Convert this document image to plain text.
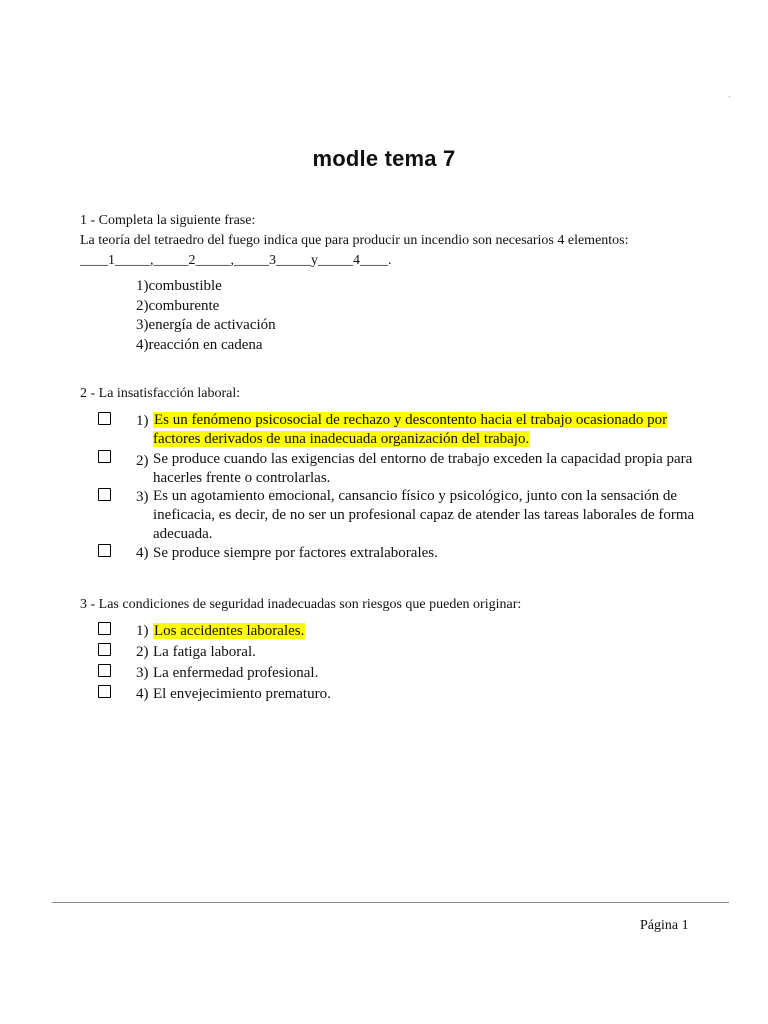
modle tema 7
1 - Completa la siguiente frase:
La teoría del tetraedro del fuego indica que para producir un incendio son necesarios 4 elementos:
____1_____,_____2_____,_____3_____y_____4____.
1)combustible
2)comburente
3)energía de activación
4)reacción en cadena
2 - La insatisfacción laboral:
1) Es un fenómeno psicosocial de rechazo y descontento hacia el trabajo ocasionado por factores derivados de una inadecuada organización del trabajo.
2) Se produce cuando las exigencias del entorno de trabajo exceden la capacidad propia para hacerles frente o controlarlas.
3) Es un agotamiento emocional, cansancio físico y psicológico, junto con la sensación de ineficacia, es decir, de no ser un profesional capaz de atender las tareas laborales de forma adecuada.
4) Se produce siempre por factores extralaborales.
3 - Las condiciones de seguridad inadecuadas son riesgos que pueden originar:
1) Los accidentes laborales.
2) La fatiga laboral.
3) La enfermedad profesional.
4) El envejecimiento prematuro.
Página 1
